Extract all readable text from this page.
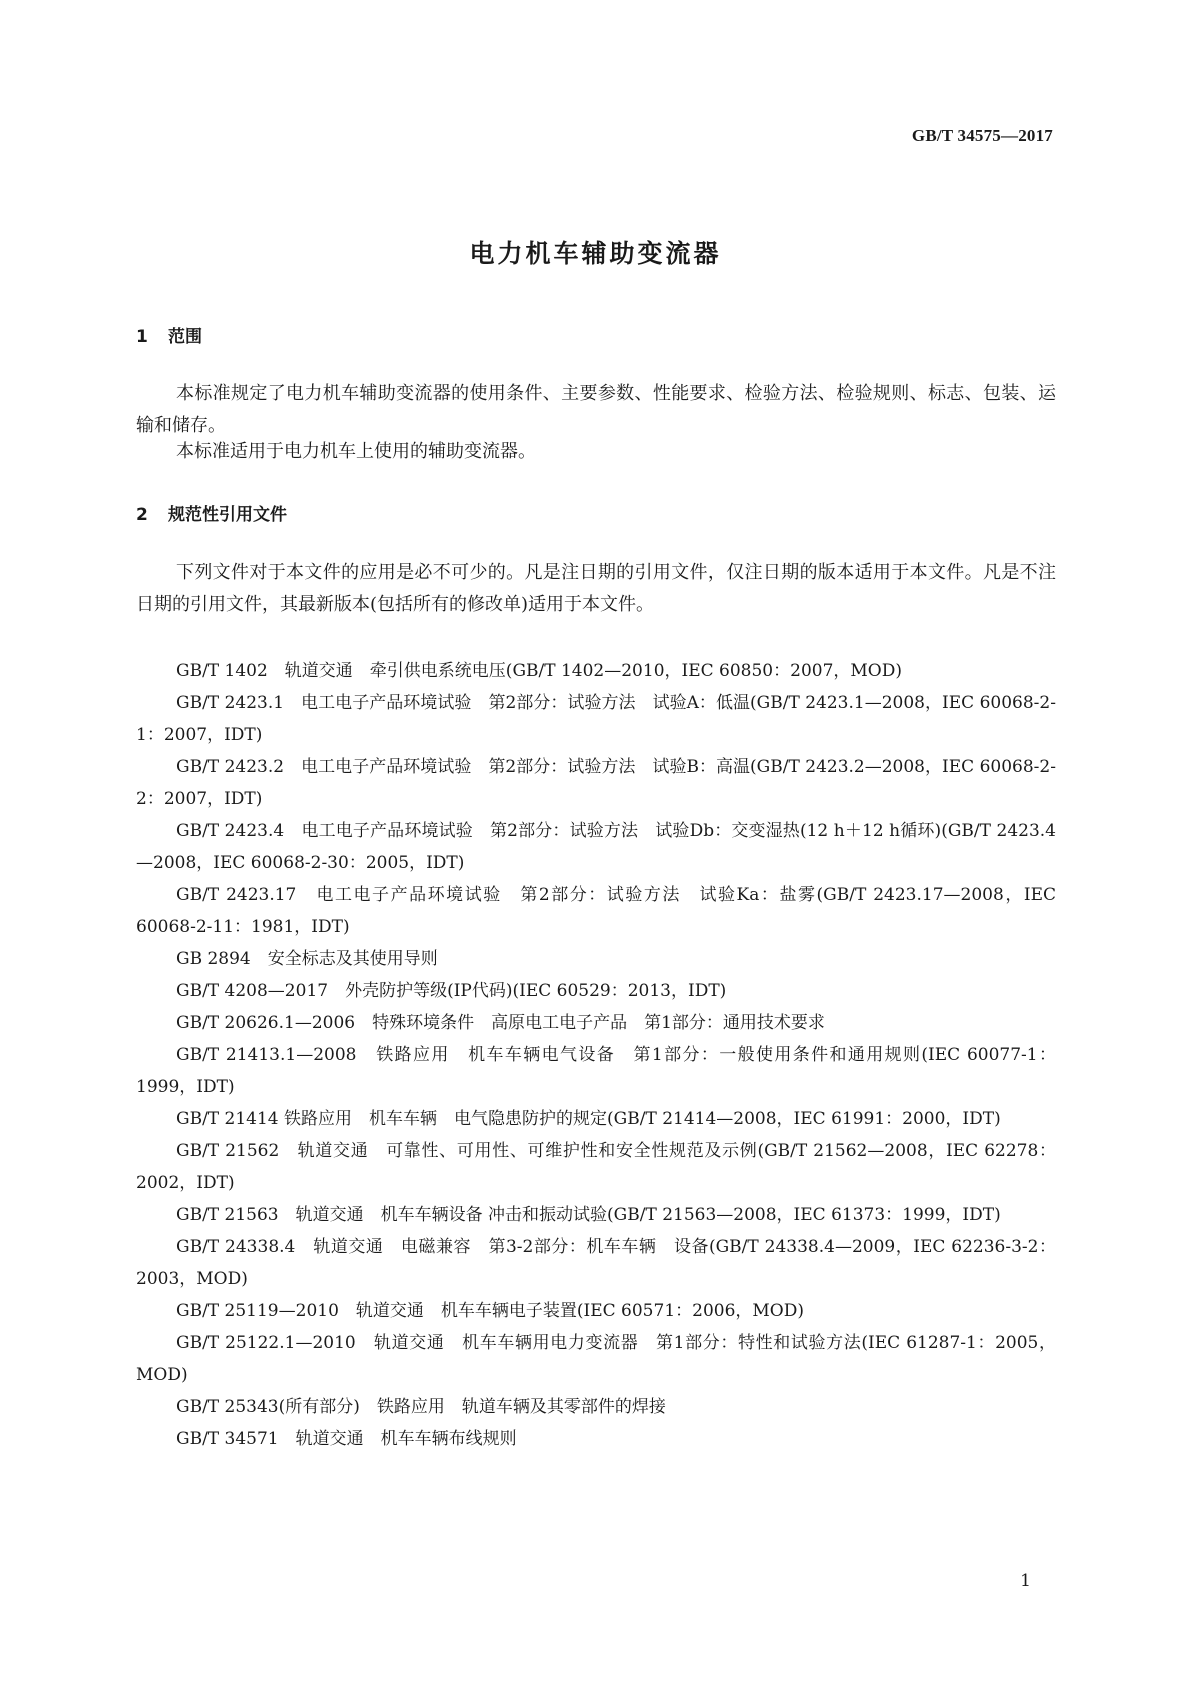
GB/T 34575—2017
电力机车辅助变流器
1 范围
本标准规定了电力机车辅助变流器的使用条件、主要参数、性能要求、检验方法、检验规则、标志、包装、运输和储存。
本标准适用于电力机车上使用的辅助变流器。
2 规范性引用文件
下列文件对于本文件的应用是必不可少的。凡是注日期的引用文件，仅注日期的版本适用于本文件。凡是不注日期的引用文件，其最新版本(包括所有的修改单)适用于本文件。
GB/T 1402　轨道交通　牵引供电系统电压(GB/T 1402—2010，IEC 60850：2007，MOD)
GB/T 2423.1　电工电子产品环境试验　第2部分：试验方法　试验A：低温(GB/T 2423.1—2008，IEC 60068-2-1：2007，IDT)
GB/T 2423.2　电工电子产品环境试验　第2部分：试验方法　试验B：高温(GB/T 2423.2—2008，IEC 60068-2-2：2007，IDT)
GB/T 2423.4　电工电子产品环境试验　第2部分：试验方法　试验Db：交变湿热(12 h＋12 h循环)(GB/T 2423.4—2008，IEC 60068-2-30：2005，IDT)
GB/T 2423.17　电工电子产品环境试验　第2部分：试验方法　试验Ka：盐雾(GB/T 2423.17—2008，IEC 60068-2-11：1981，IDT)
GB 2894　安全标志及其使用导则
GB/T 4208—2017　外壳防护等级(IP代码)(IEC 60529：2013，IDT)
GB/T 20626.1—2006　特殊环境条件　高原电工电子产品　第1部分：通用技术要求
GB/T 21413.1—2008　铁路应用　机车车辆电气设备　第1部分：一般使用条件和通用规则(IEC 60077-1：1999，IDT)
GB/T 21414 铁路应用　机车车辆　电气隐患防护的规定(GB/T 21414—2008，IEC 61991：2000，IDT)
GB/T 21562　轨道交通　可靠性、可用性、可维护性和安全性规范及示例(GB/T 21562—2008，IEC 62278：2002，IDT)
GB/T 21563　轨道交通　机车车辆设备 冲击和振动试验(GB/T 21563—2008，IEC 61373：1999，IDT)
GB/T 24338.4　轨道交通　电磁兼容　第3-2部分：机车车辆　设备(GB/T 24338.4—2009，IEC 62236-3-2：2003，MOD)
GB/T 25119—2010　轨道交通　机车车辆电子装置(IEC 60571：2006，MOD)
GB/T 25122.1—2010　轨道交通　机车车辆用电力变流器　第1部分：特性和试验方法(IEC 61287-1：2005，MOD)
GB/T 25343(所有部分)　铁路应用　轨道车辆及其零部件的焊接
GB/T 34571　轨道交通　机车车辆布线规则
1
